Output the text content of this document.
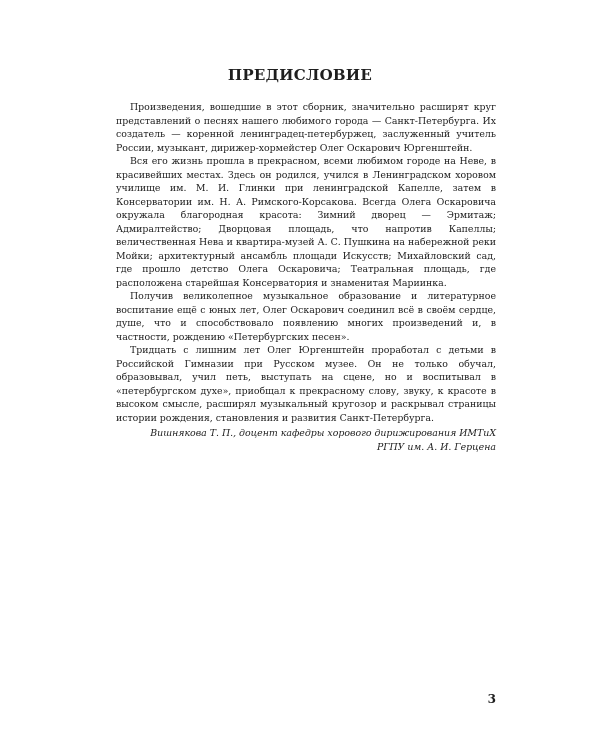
ПРЕДИСЛОВИЕ

Произведения, вошедшие в этот сборник, значительно расширят круг представлений о песнях нашего любимого города — Санкт-Петербурга. Их создатель — коренной ленинградец-петербуржец, заслуженный учитель России, музыкант, дирижер-хормейстер Олег Оскарович Юргенштейн.

Вся его жизнь прошла в прекрасном, всеми любимом городе на Неве, в красивейших местах. Здесь он родился, учился в Ленинградском хоровом училище им. М. И. Глинки при ленинградской Капелле, затем в Консерватории им. Н. А. Римского-Корсакова. Всегда Олега Оскаровича окружала благородная красота: Зимний дворец — Эрмитаж; Адмиралтейство; Дворцовая площадь, что напротив Капеллы; величественная Нева и квартира-музей А. С. Пушкина на набережной реки Мойки; архитектурный ансамбль площади Искусств; Михайловский сад, где прошло детство Олега Оскаровича; Театральная площадь, где расположена старейшая Консерватория и знаменитая Мариинка.

Получив великолепное музыкальное образование и литературное воспитание ещё с юных лет, Олег Оскарович соединил всё в своём сердце, душе, что и способствовало появлению многих произведений и, в частности, рождению «Петербургских песен».

Тридцать с лишним лет Олег Юргенштейн проработал с детьми в Российской Гимназии при Русском музее. Он не только обучал, образовывал, учил петь, выступать на сцене, но и воспитывал в «петербургском духе», приобщал к прекрасному слову, звуку, к красоте в высоком смысле, расширял музыкальный кругозор и раскрывал страницы истории рождения, становления и развития Санкт-Петербурга.

Вишнякова Т. П., доцент кафедры хорового дирижирования ИМТиХ
РГПУ им. А. И. Герцена
3
